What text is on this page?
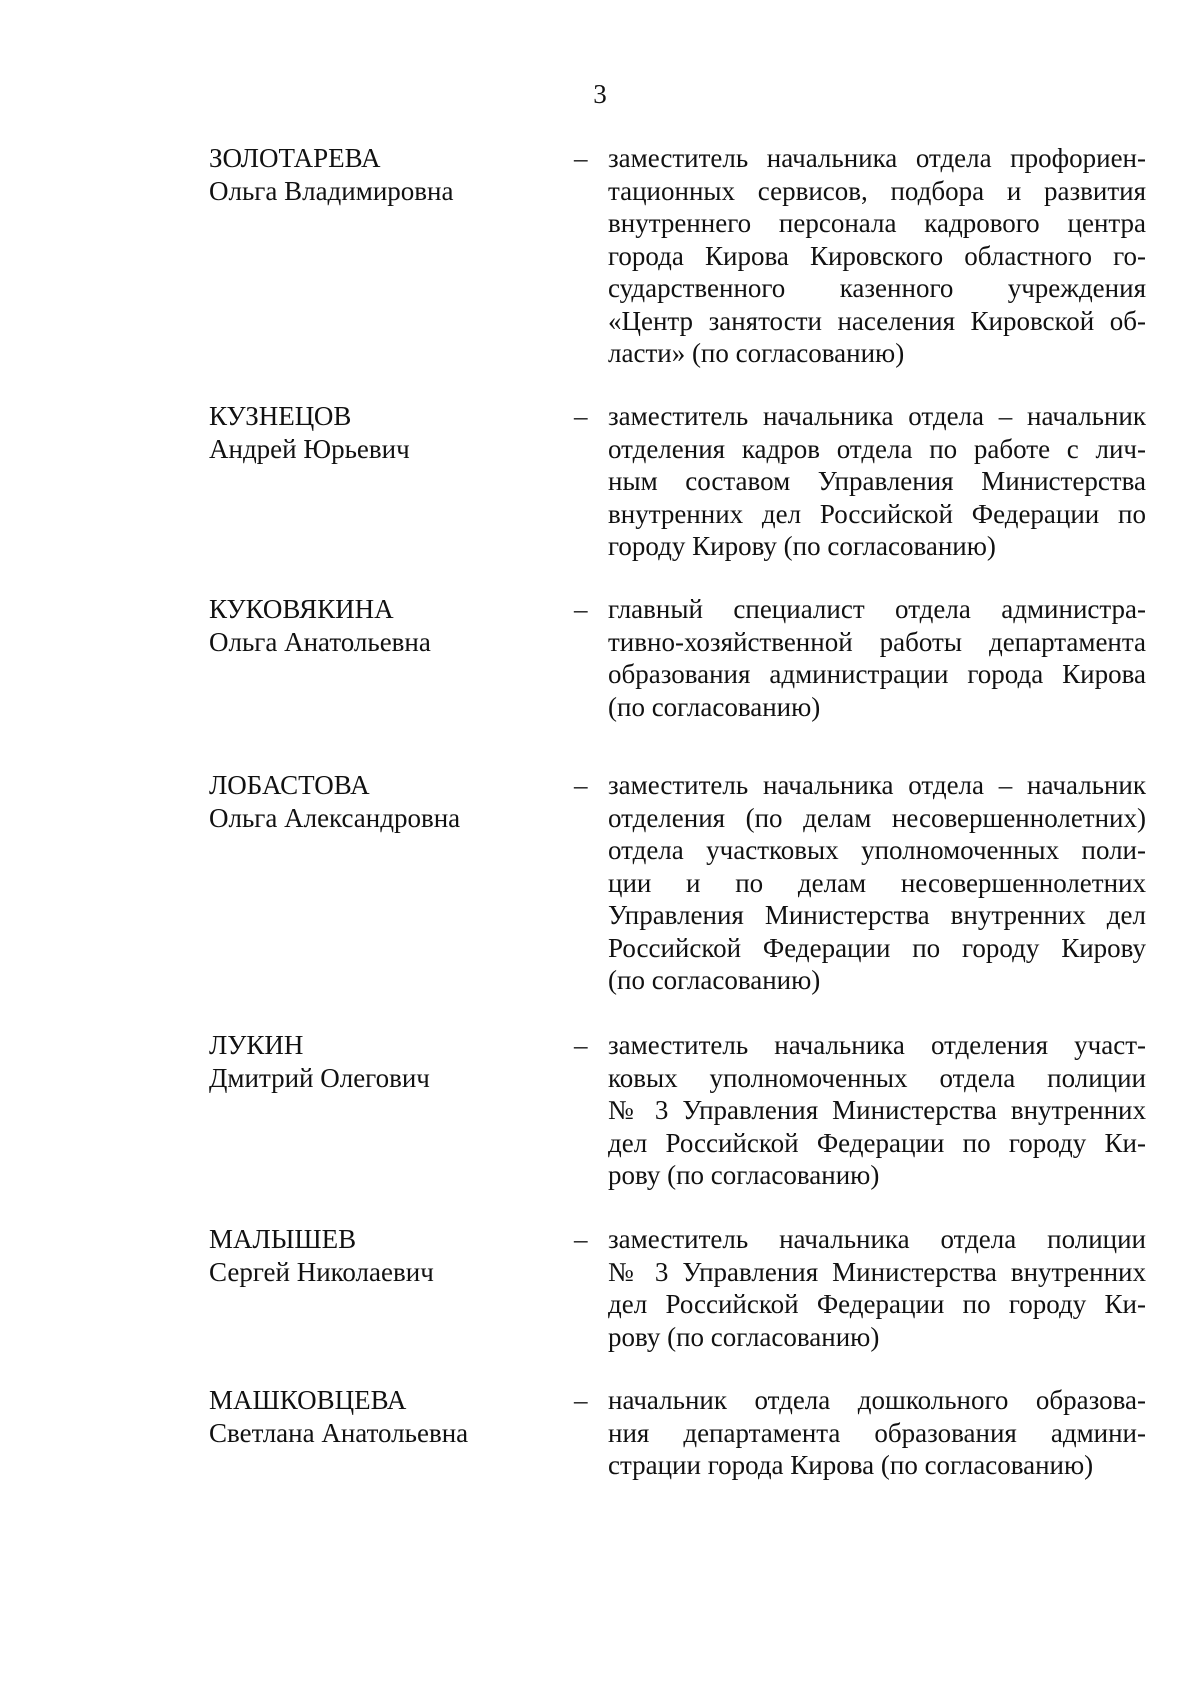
3
ЗОЛОТАРЕВА
Ольга Владимировна
– заместитель начальника отдела профориен-
тационных сервисов, подбора и развития
внутреннего персонала кадрового центра
города Кирова Кировского областного го-
сударственного казенного учреждения
«Центр занятости населения Кировской об-
ласти» (по согласованию)
КУЗНЕЦОВ
Андрей Юрьевич
– заместитель начальника отдела – начальник
отделения кадров отдела по работе с лич-
ным составом Управления Министерства
внутренних дел Российской Федерации по
городу Кирову (по согласованию)
КУКОВЯКИНА
Ольга Анатольевна
– главный специалист отдела администра-
тивно-хозяйственной работы департамента
образования администрации города Кирова
(по согласованию)
ЛОБАСТОВА
Ольга Александровна
– заместитель начальника отдела – начальник
отделения (по делам несовершеннолетних)
отдела участковых уполномоченных поли-
ции и по делам несовершеннолетних
Управления Министерства внутренних дел
Российской Федерации по городу Кирову
(по согласованию)
ЛУКИН
Дмитрий Олегович
– заместитель начальника отделения участ-
ковых уполномоченных отдела полиции
№ 3 Управления Министерства внутренних
дел Российской Федерации по городу Ки-
рову (по согласованию)
МАЛЫШЕВ
Сергей Николаевич
– заместитель начальника отдела полиции
№ 3 Управления Министерства внутренних
дел Российской Федерации по городу Ки-
рову (по согласованию)
МАШКОВЦЕВА
Светлана Анатольевна
– начальник отдела дошкольного образова-
ния департамента образования админи-
страции города Кирова (по согласованию)
